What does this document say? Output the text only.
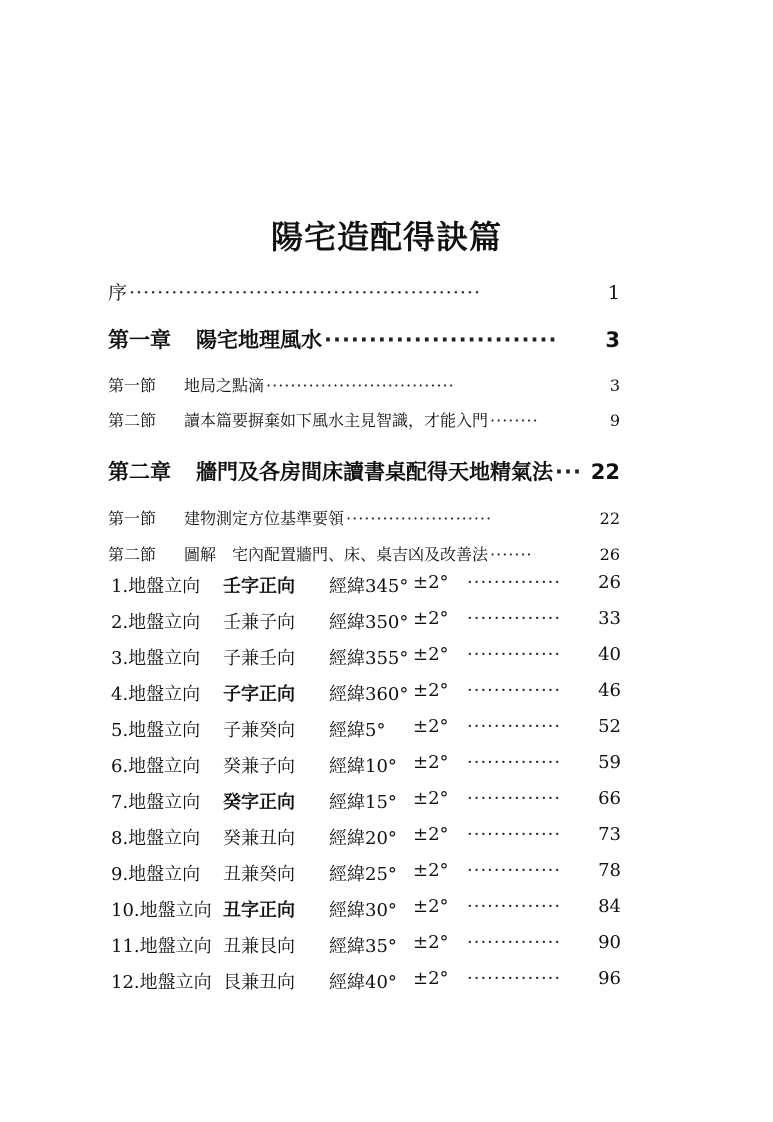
陽宅造配得訣篇
序 ··················································	1
第一章 陽宅地理風水 ··························	3
第一節 地局之點滴 ·······························	3
第二節 讀本篇要摒棄如下風水主見智識，才能入門 ········	9
第二章 牆門及各房間床讀書桌配得天地精氣法 ··· 22
第一節 建物測定方位基準要領 ························	22
第二節 圖解　宅內配置牆門、床、桌吉凶及改善法 ·······	26
1.地盤立向 壬字正向 經緯345° ±2° ·············· 26
2.地盤立向 壬兼子向 經緯350° ±2° ·············· 33
3.地盤立向 子兼壬向 經緯355° ±2° ·············· 40
4.地盤立向 子字正向 經緯360° ±2° ·············· 46
5.地盤立向 子兼癸向 經緯5° ±2° ·············· 52
6.地盤立向 癸兼子向 經緯10° ±2° ·············· 59
7.地盤立向 癸字正向 經緯15° ±2° ·············· 66
8.地盤立向 癸兼丑向 經緯20° ±2° ·············· 73
9.地盤立向 丑兼癸向 經緯25° ±2° ·············· 78
10.地盤立向 丑字正向 經緯30° ±2° ·············· 84
11.地盤立向 丑兼艮向 經緯35° ±2° ·············· 90
12.地盤立向 艮兼丑向 經緯40° ±2° ·············· 96
